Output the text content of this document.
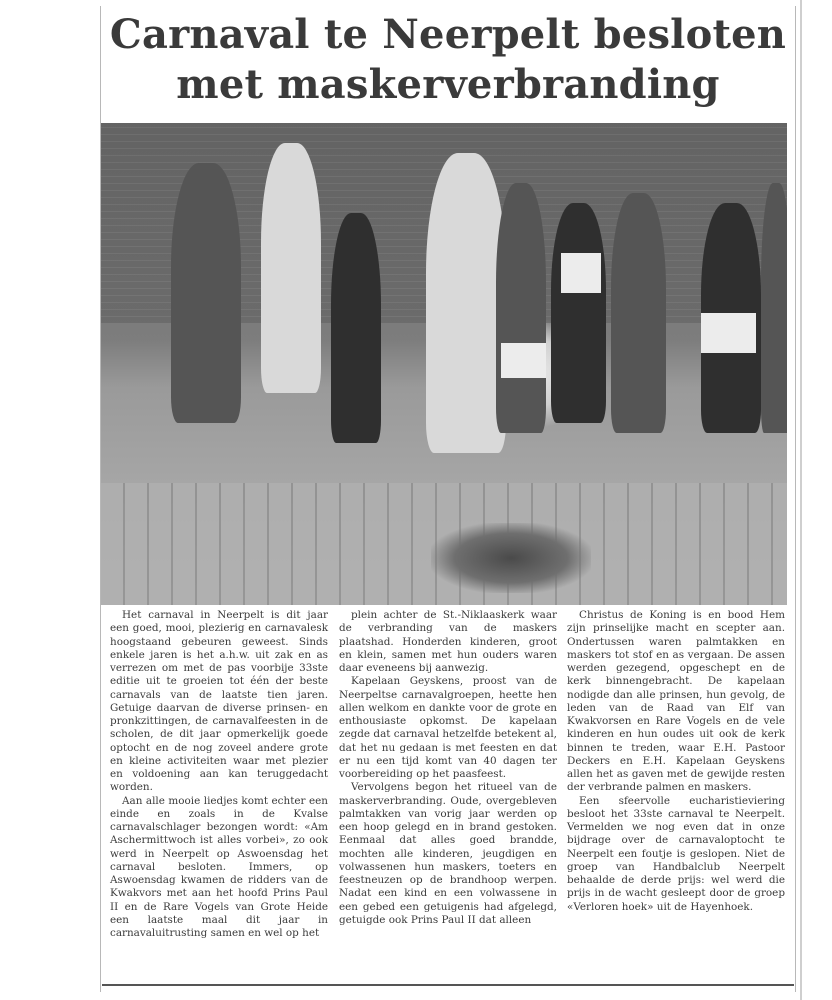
Carnaval te Neerpelt besloten
met maskerverbranding

Het carnaval in Neerpelt is dit jaar een goed, mooi, plezierig en carnavalesk hoogstaand gebeuren geweest. Sinds enkele jaren is het a.h.w. uit zak en as verrezen om met de pas voorbije 33ste editie uit te groeien tot één der beste carnavals van de laatste tien jaren. Getuige daarvan de diverse prinsen- en pronkzittingen, de carnavalfeesten in de scholen, de dit jaar opmerkelijk goede optocht en de nog zoveel andere grote en kleine activiteiten waar met plezier en voldoening aan kan teruggedacht worden.

Aan alle mooie liedjes komt echter een einde en zoals in de Kvalse carnavalschlager bezongen wordt: «Am Aschermittwoch ist alles vorbei», zo ook werd in Neerpelt op Aswoensdag het carnaval besloten. Immers, op Aswoensdag kwamen de ridders van de Kwakvors met aan het hoofd Prins Paul II en de Rare Vogels van Grote Heide een laatste maal dit jaar in carnavaluitrusting samen en wel op het

plein achter de St.-Niklaaskerk waar de verbranding van de maskers plaatshad. Honderden kinderen, groot en klein, samen met hun ouders waren daar eveneens bij aanwezig.

Kapelaan Geyskens, proost van de Neerpeltse carnavalgroepen, heette hen allen welkom en dankte voor de grote en enthousiaste opkomst. De kapelaan zegde dat carnaval hetzelfde betekent al, dat het nu gedaan is met feesten en dat er nu een tijd komt van 40 dagen ter voorbereiding op het paasfeest.

Vervolgens begon het ritueel van de maskerverbranding. Oude, overgebleven palmtakken van vorig jaar werden op een hoop gelegd en in brand gestoken. Eenmaal dat alles goed brandde, mochten alle kinderen, jeugdigen en volwassenen hun maskers, toeters en feestneuzen op de brandhoop werpen. Nadat een kind en een volwassene in een gebed een getuigenis had afgelegd, getuigde ook Prins Paul II dat alleen

Christus de Koning is en bood Hem zijn prinselijke macht en scepter aan. Ondertussen waren palmtakken en maskers tot stof en as vergaan. De assen werden gezegend, opgeschept en de kerk binnengebracht. De kapelaan nodigde dan alle prinsen, hun gevolg, de leden van de Raad van Elf van Kwakvorsen en Rare Vogels en de vele kinderen en hun oudes uit ook de kerk binnen te treden, waar E.H. Pastoor Deckers en E.H. Kapelaan Geyskens allen het as gaven met de gewijde resten der verbrande palmen en maskers.

Een sfeervolle eucharistieviering besloot het 33ste carnaval te Neerpelt. Vermelden we nog even dat in onze bijdrage over de carnavaloptocht te Neerpelt een foutje is geslopen. Niet de groep van Handbalclub Neerpelt behaalde de derde prijs: wel werd die prijs in de wacht gesleept door de groep «Verloren hoek» uit de Hayenhoek.
